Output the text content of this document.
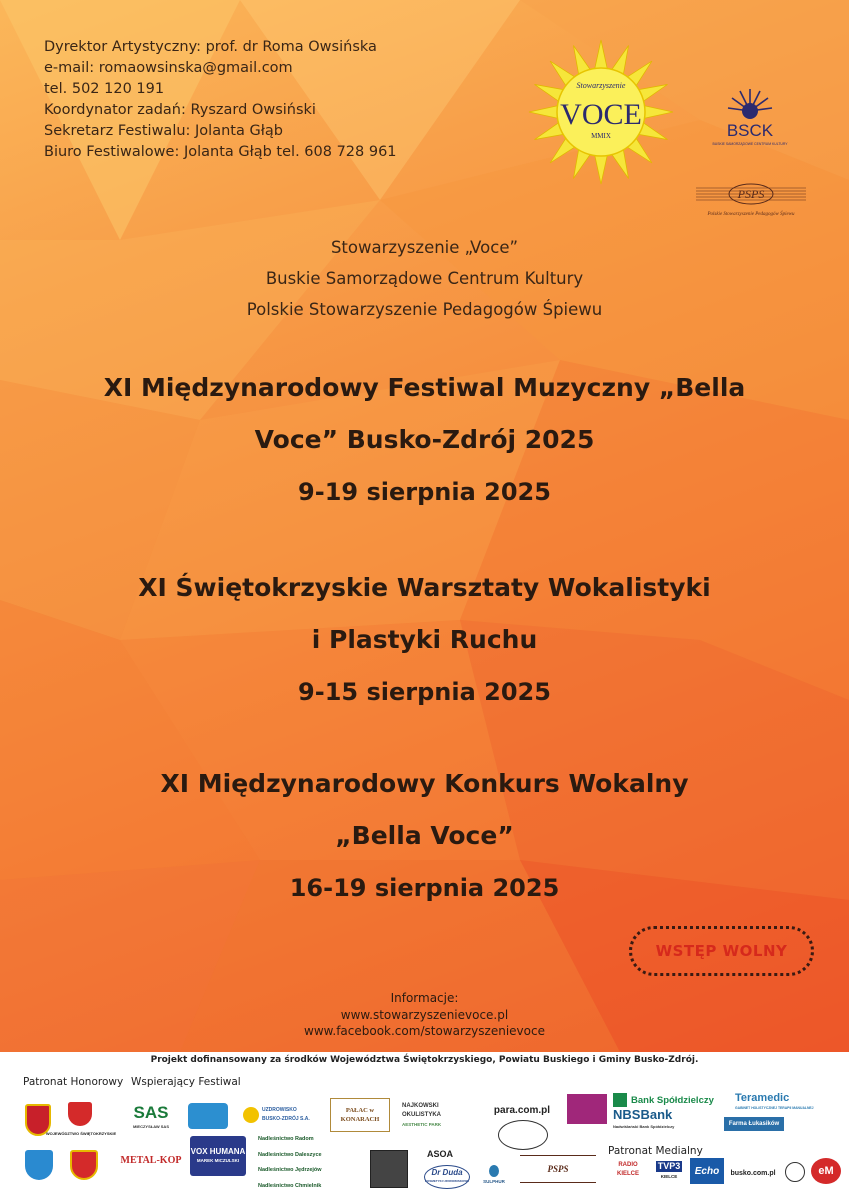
Dyrektor Artystyczny: prof. dr Roma Owsińska
e-mail: romaowsinska@gmail.com
tel. 502 120 191
Koordynator zadań: Ryszard Owsiński
Sekretarz Festiwalu: Jolanta Głąb
Biuro Festiwalowe: Jolanta Głąb tel. 608 728 961
Stowarzyszenie
VOCE
MMIX	BSCK
BUSKIE SAMORZĄDOWE CENTRUM KULTURY
PSPS
Polskie Stowarzyszenie Pedagogów Śpiewu
Stowarzyszenie „Voce”
Buskie Samorządowe Centrum Kultury
Polskie Stowarzyszenie Pedagogów Śpiewu
XI Międzynarodowy Festiwal Muzyczny „Bella
Voce” Busko-Zdrój 2025
9-19 sierpnia 2025
XI Świętokrzyskie Warsztaty Wokalistyki
i Plastyki Ruchu
9-15 sierpnia 2025
XI Międzynarodowy Konkurs Wokalny
„Bella Voce”
16-19 sierpnia 2025
WSTĘP WOLNY
Informacje:
www.stowarzyszenievoce.pl
www.facebook.com/stowarzyszenievoce
Projekt dofinansowany za środków Województwa Świętokrzyskiego, Powiatu Buskiego i Gminy Busko-Zdrój.
Patronat Honorowy Wspierający Festiwal
Patronat Medialny
WOJEWÓDZTWO ŚWIĘTOKRZYSKIE
SAS
MIECZYSŁAW SAS
UZDROWISKO BUSKO-ZDRÓJ S.A.
PAŁAC w KONARACH
NAJKOWSKI OKULISTYKA
AESTHETIC PARK
para.com.pl
Bank Spółdzielczy
NBSBank
Nadwiślański Bank Spółdzielczy
Teramedic
GABINET HOLISTYCZNEJ TERAPII MANUALNEJ
Farma Łukasików
METAL-KOP
VOX HUMANA
MAREK MICZULSKI
Nadleśnictwo Radom
Nadleśnictwo Daleszyce
Nadleśnictwo Jędrzejów
Nadleśnictwo Chmielnik
ASOA
Dr Duda
KOSMETYKI UZDROWISKOWE	SULPHUR
PSPS	RADIO KIELCE
TVP3
KIELCE Echo busko.com.pl	eM
